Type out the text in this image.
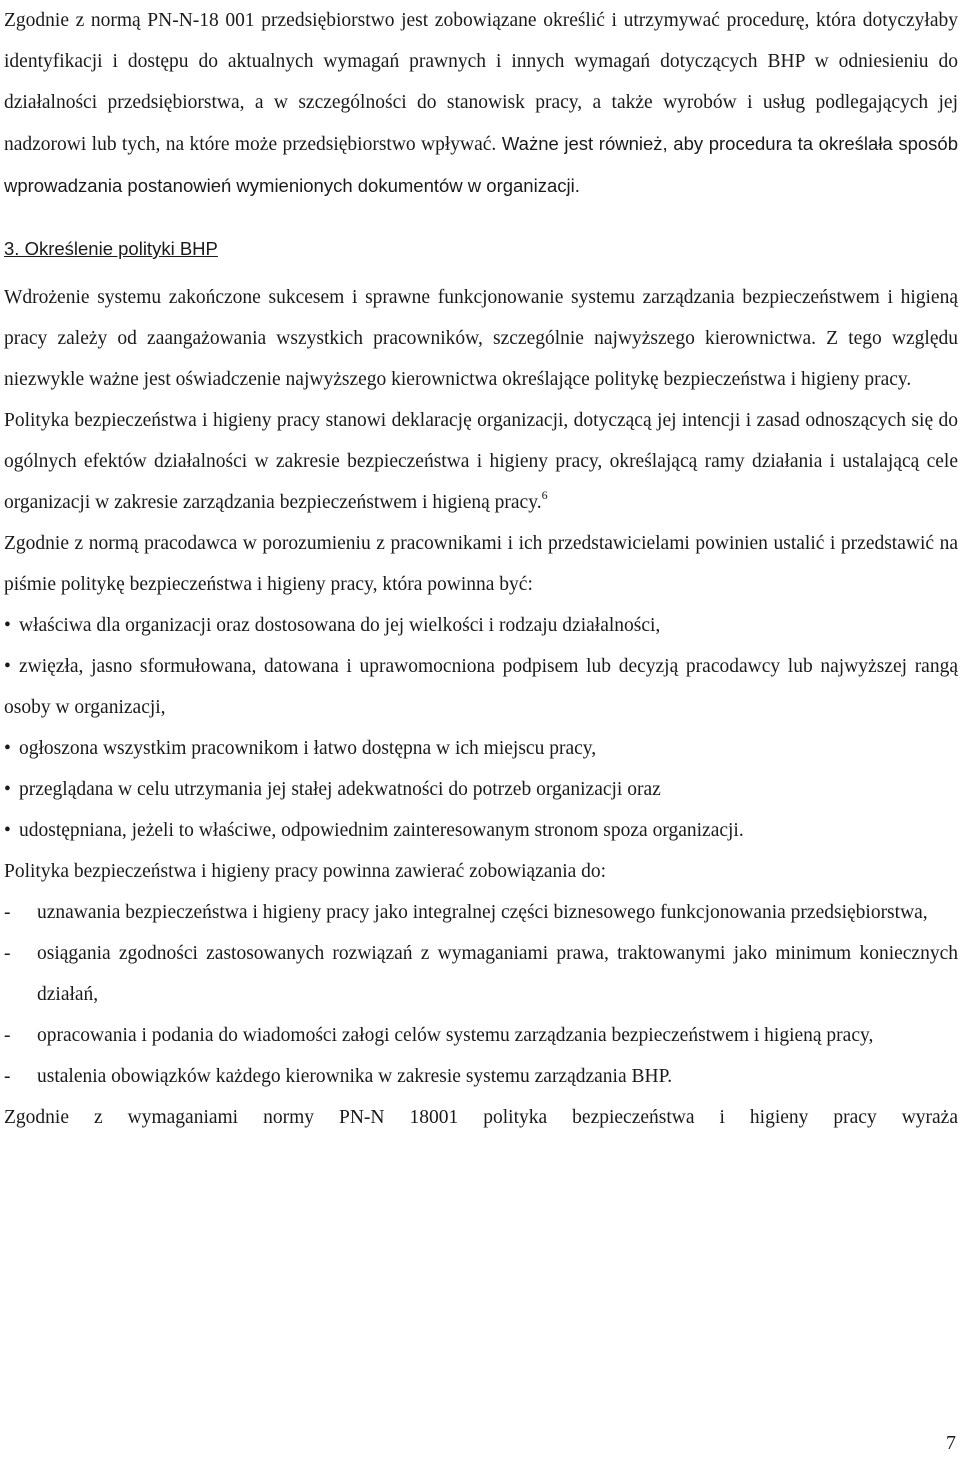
Zgodnie z normą PN-N-18 001 przedsiębiorstwo jest zobowiązane określić i utrzymywać procedurę, która dotyczyłaby identyfikacji i dostępu do aktualnych wymagań prawnych i innych wymagań dotyczących BHP w odniesieniu do działalności przedsiębiorstwa, a w szczególności do stanowisk pracy, a także wyrobów i usług podlegających jej nadzorowi lub tych, na które może przedsiębiorstwo wpływać. Ważne jest również, aby procedura ta określała sposób wprowadzania postanowień wymienionych dokumentów w organizacji.

3. Określenie polityki BHP

Wdrożenie systemu zakończone sukcesem i sprawne funkcjonowanie systemu zarządzania bezpieczeństwem i higieną pracy zależy od zaangażowania wszystkich pracowników, szczególnie najwyższego kierownictwa. Z tego względu niezwykle ważne jest oświadczenie najwyższego kierownictwa określające politykę bezpieczeństwa i higieny pracy.

Polityka bezpieczeństwa i higieny pracy stanowi deklarację organizacji, dotyczącą jej intencji i zasad odnoszących się do ogólnych efektów działalności w zakresie bezpieczeństwa i higieny pracy, określającą ramy działania i ustalającą cele organizacji w zakresie zarządzania bezpieczeństwem i higieną pracy.$^6$

Zgodnie z normą pracodawca w porozumieniu z pracownikami i ich przedstawicielami powinien ustalić i przedstawić na piśmie politykę bezpieczeństwa i higieny pracy, która powinna być:

• właściwa dla organizacji oraz dostosowana do jej wielkości i rodzaju działalności,
• zwięzła, jasno sformułowana, datowana i uprawomocniona podpisem lub decyzją pracodawcy lub najwyższej rangą osoby w organizacji,
• ogłoszona wszystkim pracownikom i łatwo dostępna w ich miejscu pracy,
• przeglądana w celu utrzymania jej stałej adekwatności do potrzeb organizacji oraz
• udostępniana, jeżeli to właściwe, odpowiednim zainteresowanym stronom spoza organizacji.

Polityka bezpieczeństwa i higieny pracy powinna zawierać zobowiązania do:

-	uznawania bezpieczeństwa i higieny pracy jako integralnej części biznesowego funkcjonowania przedsiębiorstwa,
-	osiągania zgodności zastosowanych rozwiązań z wymaganiami prawa, traktowanymi jako minimum koniecznych działań,
-	opracowania i podania do wiadomości załogi celów systemu zarządzania bezpieczeństwem i higieną pracy,
-	ustalenia obowiązków każdego kierownika w zakresie systemu zarządzania BHP.

Zgodnie z wymaganiami normy PN-N 18001 polityka bezpieczeństwa i higieny pracy wyraża

7
